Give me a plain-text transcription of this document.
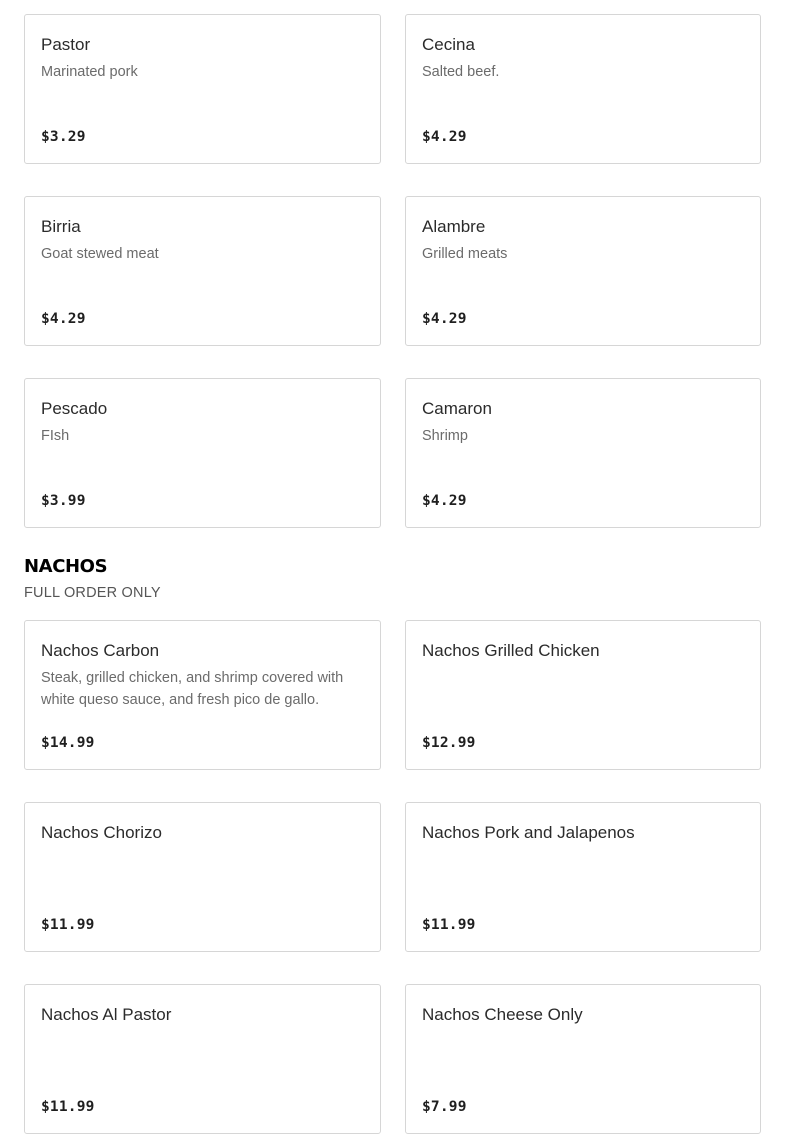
Pastor
Marinated pork
$3.29
Cecina
Salted beef.
$4.29
Birria
Goat stewed meat
$4.29
Alambre
Grilled meats
$4.29
Pescado
FIsh
$3.99
Camaron
Shrimp
$4.29
NACHOS
FULL ORDER ONLY
Nachos Carbon
Steak, grilled chicken, and shrimp covered with white queso sauce, and fresh pico de gallo.
$14.99
Nachos Grilled Chicken
$12.99
Nachos Chorizo
$11.99
Nachos Pork and Jalapenos
$11.99
Nachos Al Pastor
$11.99
Nachos Cheese Only
$7.99
